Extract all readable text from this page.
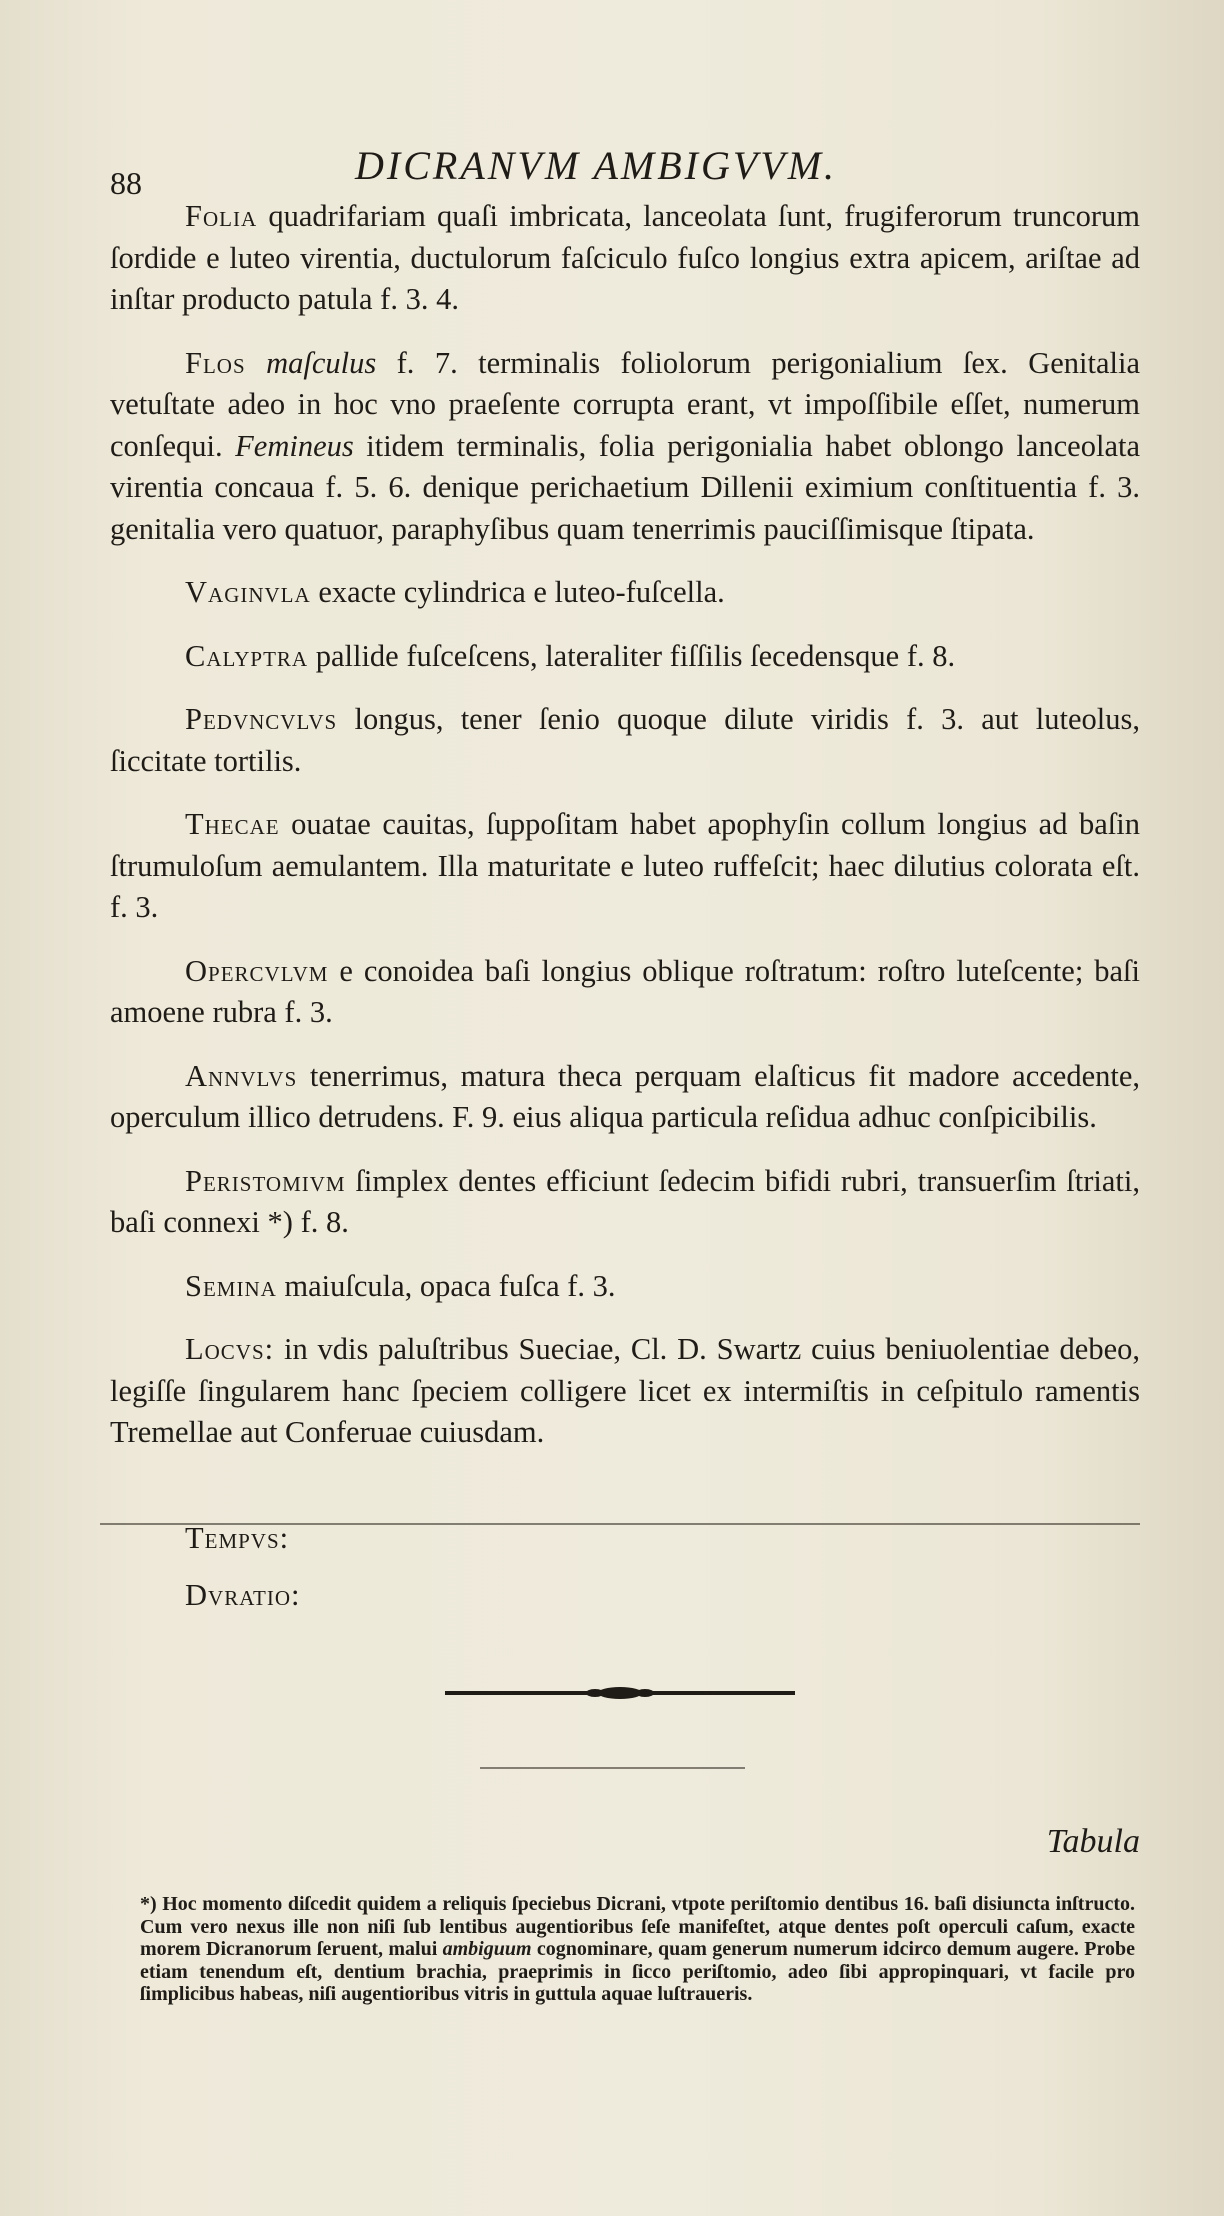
88	DICRANVM AMBIGVVM.

Folia quadrifariam quaſi imbricata, lanceolata ſunt, frugiferorum truncorum ſordide e luteo virentia, ductulorum faſciculo fuſco longius extra apicem, ariſtae ad inſtar producto patula f. 3. 4.

Flos maſculus f. 7. terminalis foliolorum perigonialium ſex. Genitalia vetuſtate adeo in hoc vno praeſente corrupta erant, vt impoſſibile eſſet, numerum conſequi. Femineus itidem terminalis, folia perigonialia habet oblongo lanceolata virentia concaua f. 5. 6. denique perichaetium Dillenii eximium conſtituentia f. 3. genitalia vero quatuor, paraphyſibus quam tenerrimis pauciſſimisque ſtipata.

Vaginvla exacte cylindrica e luteo-fuſcella.

Calyptra pallide fuſceſcens, lateraliter fiſſilis ſecedensque f. 8.

Pedvncvlvs longus, tener ſenio quoque dilute viridis f. 3. aut luteolus, ſiccitate tortilis.

Thecae ouatae cauitas, ſuppoſitam habet apophyſin collum longius ad baſin ſtrumuloſum aemulantem. Illa maturitate e luteo ruffeſcit; haec dilutius colorata eſt. f. 3.

Opercvlvm e conoidea baſi longius oblique roſtratum: roſtro luteſcente; baſi amoene rubra f. 3.

Annvlvs tenerrimus, matura theca perquam elaſticus fit madore accedente, operculum illico detrudens. F. 9. eius aliqua particula reſidua adhuc conſpicibilis.

Peristomivm ſimplex dentes efficiunt ſedecim bifidi rubri, transuerſim ſtriati, baſi connexi *) f. 8.

Semina maiuſcula, opaca fuſca f. 3.

Locvs: in vdis paluſtribus Sueciae, Cl. D. Swartz cuius beniuolentiae debeo, legiſſe ſingularem hanc ſpeciem colligere licet ex intermiſtis in ceſpitulo ramentis Tremellae aut Conferuae cuiusdam.

Tempvs:
Dvratio:
Tabula
*) Hoc momento diſcedit quidem a reliquis ſpeciebus Dicrani, vtpote periſtomio dentibus 16. baſi disiuncta inſtructo. Cum vero nexus ille non niſi ſub lentibus augentioribus ſeſe manifeſtet, atque dentes poſt operculi caſum, exacte morem Dicranorum ſeruent, malui ambiguum cognominare, quam generum numerum idcirco demum augere. Probe etiam tenendum eſt, dentium brachia, praeprimis in ſicco periſtomio, adeo ſibi appropinquari, vt facile pro ſimplicibus habeas, niſi augentioribus vitris in guttula aquae luſtraueris.
